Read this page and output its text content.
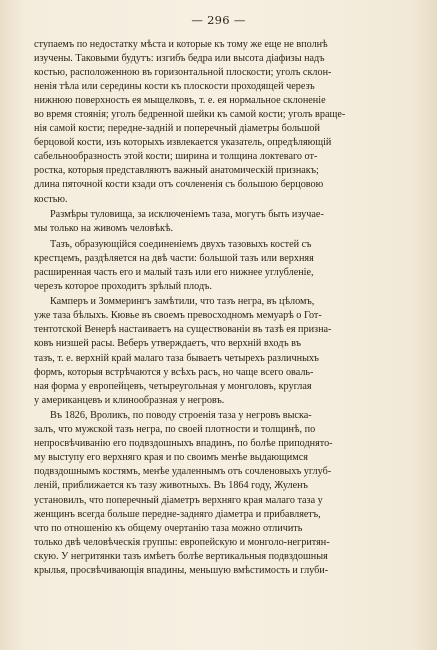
— 296 —
ступаемъ по недостатку мѣста и которые къ тому же еще не вполнѣ
изучены. Таковыми будутъ: изгибъ бедра или высота діафизы надъ
костью, расположенною въ горизонтальной плоскости; уголъ склон-
ненія тѣла или середины кости къ плоскости проходящей черезъ
нижнюю поверхность ея мыщелковъ, т. е. ея нормальное склоненіе
во время стоянія; уголъ бедренной шейки къ самой кости; уголъ враще-
нія самой кости; передне-задній и поперечный діаметры большой
берцовой кости, изъ которыхъ извлекается указатель, опредѣляющій
сабельнообразность этой кости; ширина и толщина локтеваго от-
ростка, которыя представляютъ важный анатомическій признакъ;
длина пяточной кости кзади отъ сочлененія съ большою берцовою
костью.
Размѣры туловища, за исключеніемъ таза, могутъ быть изучае-
мы только на живомъ человѣкѣ.
Тазъ, образующійся соединеніемъ двухъ тазовыхъ костей съ
крестцемъ, раздѣляется на двѣ части: большой тазъ или верхняя
расширенная часть его и малый тазъ или его нижнее углубленіе,
черезъ которое проходитъ зрѣлый плодъ.
Камперъ и Зоммерингъ замѣтили, что тазъ негра, въ цѣломъ,
уже таза бѣлыхъ. Кювье въ своемъ превосходномъ мемуарѣ о Гот-
тентотской Венерѣ настаиваетъ на существованіи въ тазѣ ея призна-
ковъ низшей расы. Веберъ утверждаетъ, что верхній входъ въ
тазъ, т. е. верхній край малаго таза бываетъ четырехъ различныхъ
формъ, которыя встрѣчаются у всѣхъ расъ, но чаще всего оваль-
ная форма у европейцевъ, четыреугольная у монголовъ, круглая
у американцевъ и клинообразная у негровъ.
Въ 1826, Вроликъ, по поводу строенія таза у негровъ выска-
залъ, что мужской тазъ негра, по своей плотности и толщинѣ, по
непросвѣчиванію его подвздошныхъ впадинъ, по болѣе приподнято-
му выступу его верхняго края и по своимъ менѣе выдающимся
подвздошнымъ костямъ, менѣе удаленнымъ отъ сочленовыхъ углуб-
леній, приближается къ тазу животныхъ. Въ 1864 году, Жуленъ
установилъ, что поперечный діаметръ верхняго края малаго таза у
женщинъ всегда больше передне-задняго діаметра и прибавляетъ,
что по отношенію къ общему очертанію таза можно отличить
только двѣ человѣческія группы: европейскую и монголо-негритян-
скую. У негритянки тазъ имѣетъ болѣе вертикальныя подвздошныя
крылья, просвѣчивающія впадины, меньшую вмѣстимость и глуби-
